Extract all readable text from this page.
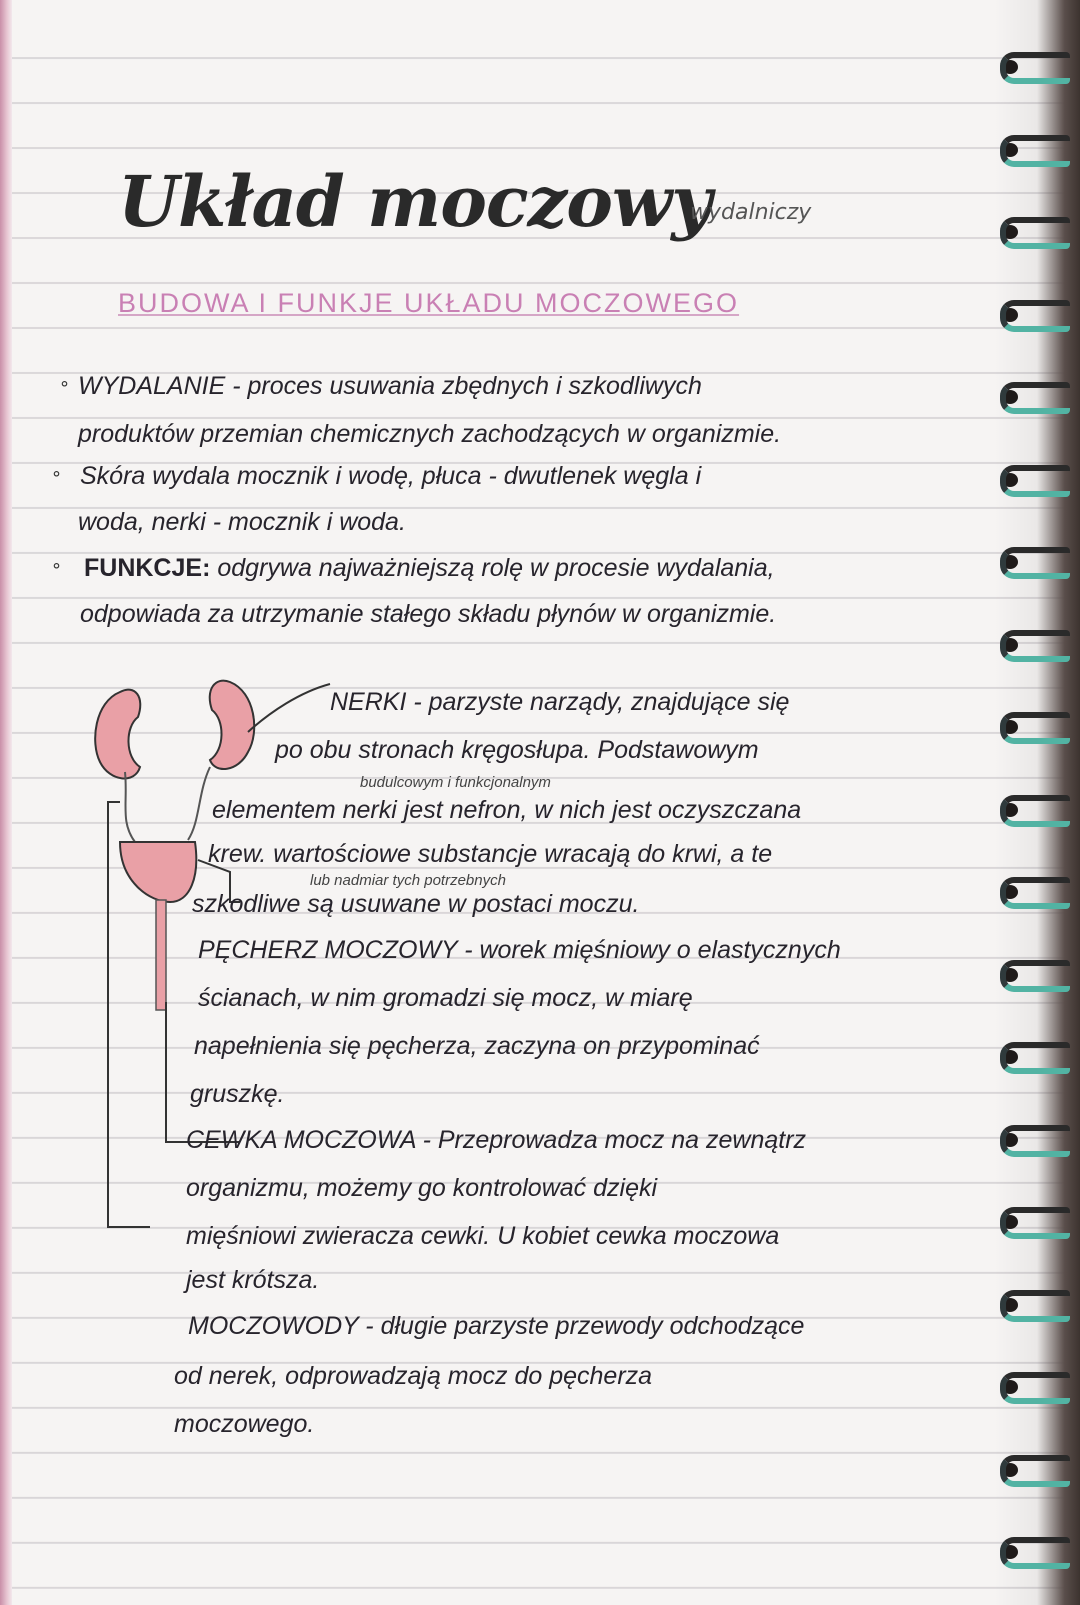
Układ moczowy
wydalniczy
BUDOWA I FUNKJE UKŁADU MOCZOWEGO
° WYDALANIE - proces usuwania zbędnych i szkodliwych
produktów przemian chemicznych zachodzących w organizmie.
° Skóra wydala mocznik i wodę, płuca - dwutlenek węgla i
woda, nerki - mocznik i woda.
° FUNKCJE: odgrywa najważniejszą rolę w procesie wydalania,
odpowiada za utrzymanie stałego składu płynów w organizmie.
NERKI - parzyste narządy, znajdujące się
po obu stronach kręgosłupa. Podstawowym
budulcowym i funkcjonalnym
elementem nerki jest nefron, w nich jest oczyszczana
krew. wartościowe substancje wracają do krwi, a te
lub nadmiar tych potrzebnych
szkodliwe są usuwane w postaci moczu.
PĘCHERZ MOCZOWY - worek mięśniowy o elastycznych
ścianach, w nim gromadzi się mocz, w miarę
napełnienia się pęcherza, zaczyna on przypominać
gruszkę.
CEWKA MOCZOWA - Przeprowadza mocz na zewnątrz
organizmu, możemy go kontrolować dzięki
mięśniowi zwieracza cewki. U kobiet cewka moczowa
jest krótsza.
MOCZOWODY - długie parzyste przewody odchodzące
od nerek, odprowadzają mocz do pęcherza
moczowego.
